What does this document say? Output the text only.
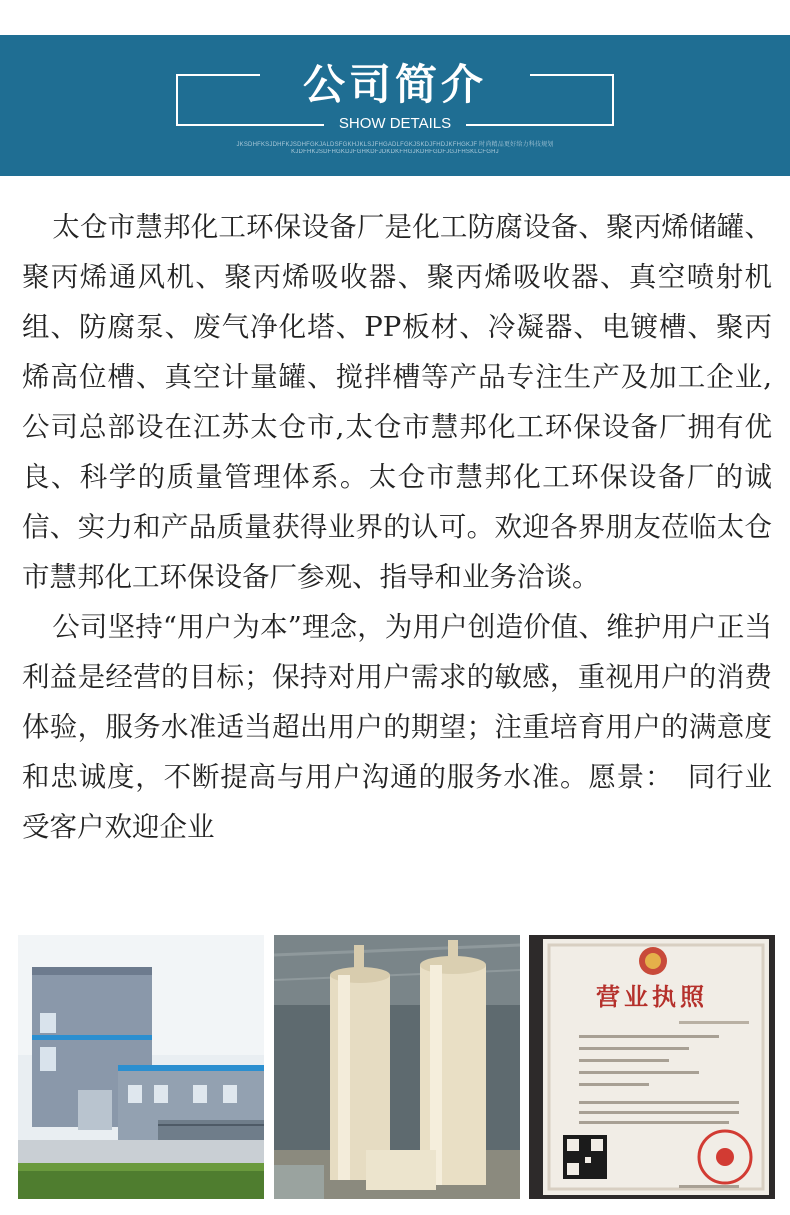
公司简介
SHOW DETAILS
JKSDHFKSJDHFKJSDHFGKJALDSFGKHJKLSJFHGADLFGKJSKDJFHDJKFHGKJF 时尚精品更好给力科技规划
KJDFHKJSDFHGKDJFGHKDFJDKDKFHGJKDHFGDFJGJFHSKLCFGHJ

太仓市慧邦化工环保设备厂是化工防腐设备、聚丙烯储罐、聚丙烯通风机、聚丙烯吸收器、聚丙烯吸收器、真空喷射机组、防腐泵、废气净化塔、PP板材、冷凝器、电镀槽、聚丙烯高位槽、真空计量罐、搅拌槽等产品专注生产及加工企业,公司总部设在江苏太仓市,太仓市慧邦化工环保设备厂拥有优良、科学的质量管理体系。太仓市慧邦化工环保设备厂的诚信、实力和产品质量获得业界的认可。欢迎各界朋友莅临太仓市慧邦化工环保设备厂参观、指导和业务洽谈。

公司坚持“用户为本”理念，为用户创造价值、维护用户正当利益是经营的目标；保持对用户需求的敏感，重视用户的消费体验，服务水准适当超出用户的期望；注重培育用户的满意度和忠诚度，不断提高与用户沟通的服务水准。愿景：　同行业受客户欢迎企业

营业执照
